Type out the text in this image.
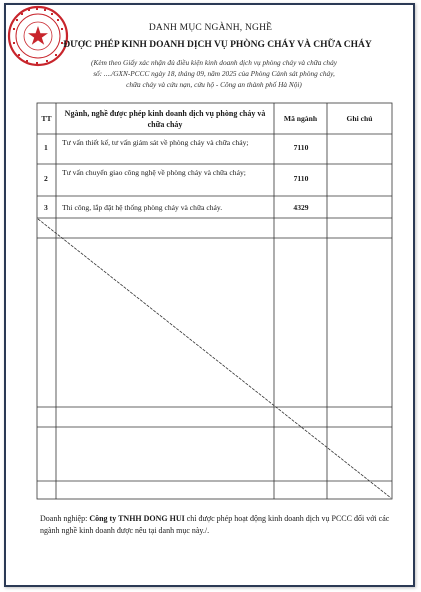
DANH MỤC NGÀNH, NGHỀ
ĐƯỢC PHÉP KINH DOANH DỊCH VỤ PHÒNG CHÁY VÀ CHỮA CHÁY
(Kèm theo Giấy xác nhận đủ điều kiện kinh doanh dịch vụ phòng cháy và chữa cháy
số: ..../GXN-PCCC ngày 18, tháng 09, năm 2025 của Phòng Cảnh sát phòng cháy,
chữa cháy và cứu nạn, cứu hộ - Công an thành phố Hà Nội)
TT
Ngành, nghề được phép kinh doanh dịch vụ phòng cháy và chữa cháy
Mã ngành	Ghi chú
1
Tư vấn thiết kế, tư vấn giám sát về phòng cháy và chữa cháy;
7110
2
Tư vấn chuyển giao công nghệ về phòng cháy và chữa cháy;
7110
3 Thi công, lắp đặt hệ thống phòng cháy và chữa cháy.	4329
Doanh nghiệp: Công ty TNHH DONG HUI chỉ được phép hoạt động kinh doanh dịch vụ PCCC đối với các ngành nghề kinh doanh được nêu tại danh mục này./.
